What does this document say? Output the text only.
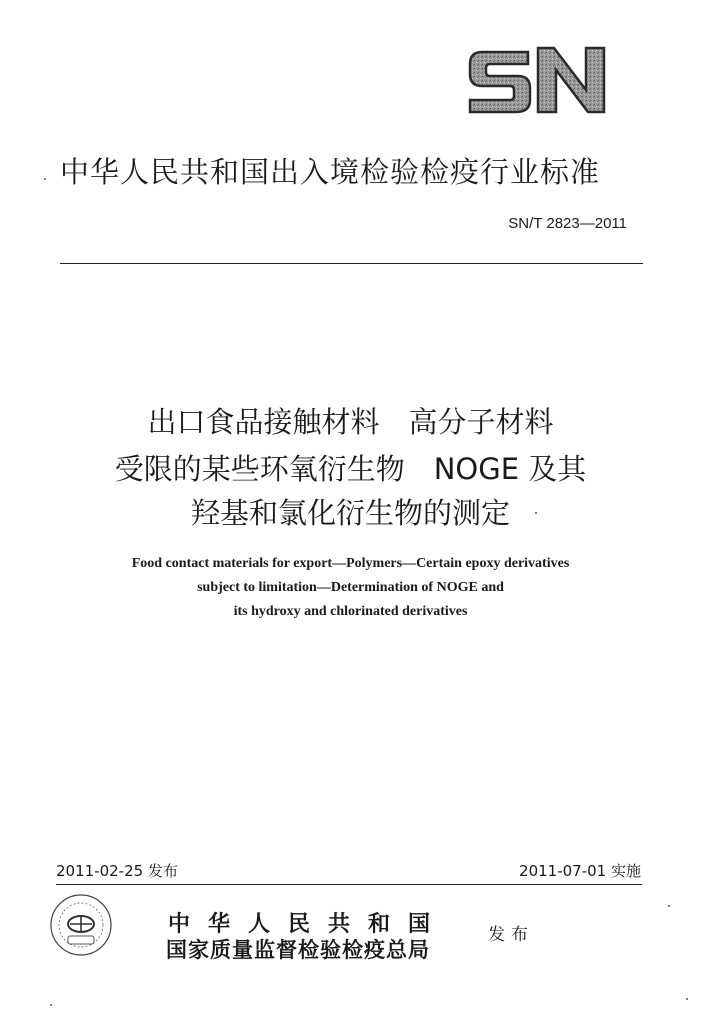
中华人民共和国出入境检验检疫行业标准
SN/T 2823—2011
出口食品接触材料　高分子材料
受限的某些环氧衍生物　NOGE 及其
羟基和氯化衍生物的测定
Food contact materials for export—Polymers—Certain epoxy derivatives
subject to limitation—Determination of NOGE and
its hydroxy and chlorinated derivatives
2011-02-25 发布	2011-07-01 实施
中华人民共和国
国家质量监督检验检疫总局
发布
